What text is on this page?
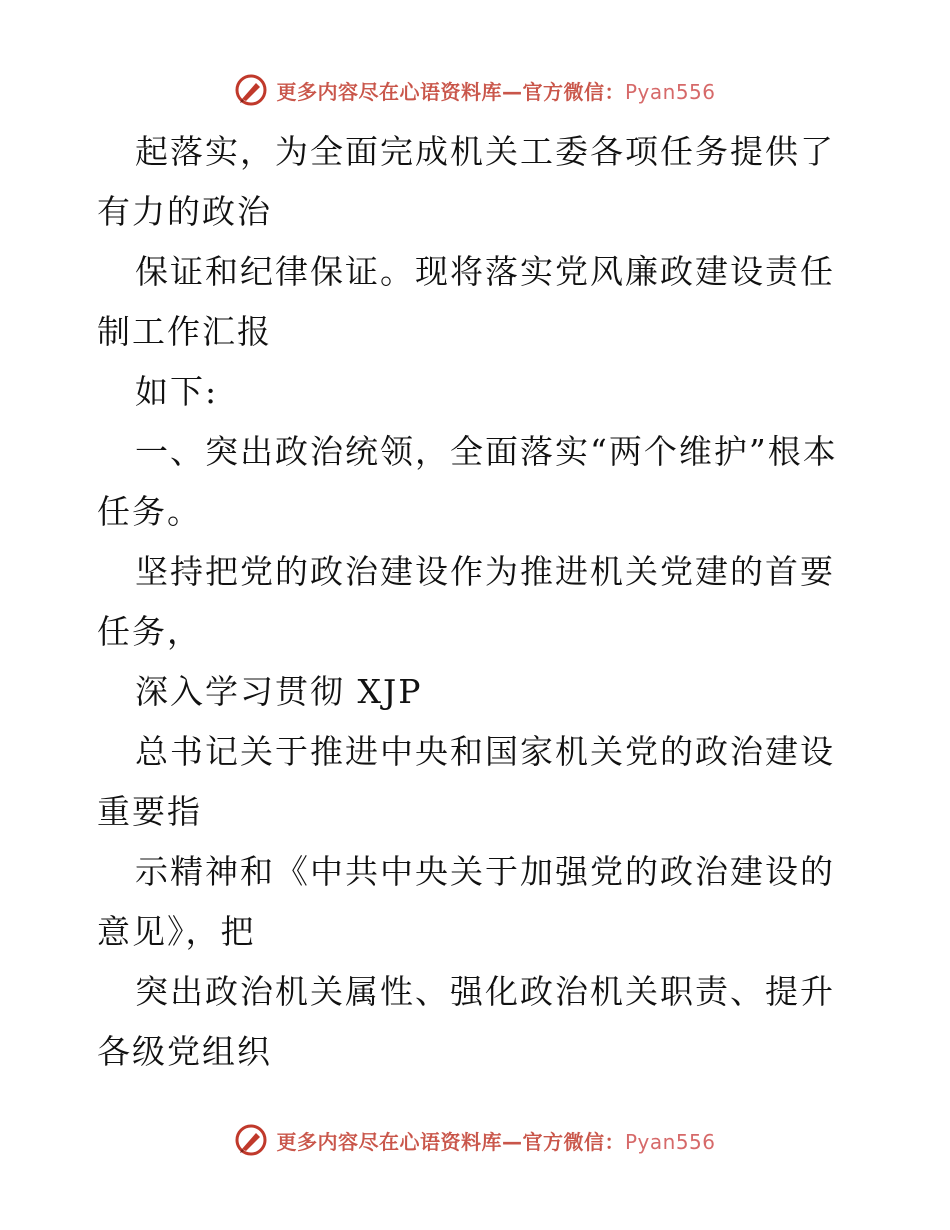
更多内容尽在心语资料库—官方微信：Pyan556

起落实，为全面完成机关工委各项任务提供了有力的政治

保证和纪律保证。现将落实党风廉政建设责任制工作汇报

如下:

一、突出政治统领，全面落实“两个维护”根本任务。

坚持把党的政治建设作为推进机关党建的首要任务，

深入学习贯彻 XJP

总书记关于推进中央和国家机关党的政治建设重要指

示精神和《中共中央关于加强党的政治建设的意见》，把

突出政治机关属性、强化政治机关职责、提升各级党组织

更多内容尽在心语资料库—官方微信：Pyan556
